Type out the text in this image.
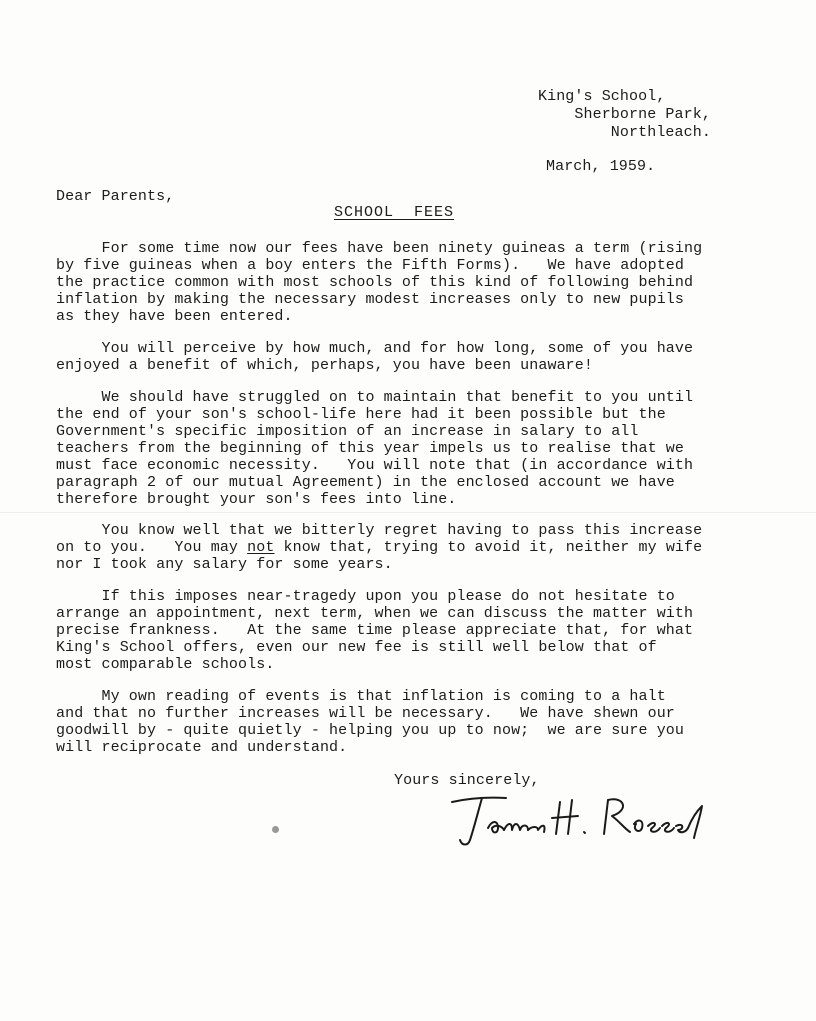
King's School,
Sherborne Park,
Northleach.
March, 1959.
Dear Parents,
SCHOOL  FEES
For some time now our fees have been ninety guineas a term (rising
by five guineas when a boy enters the Fifth Forms).   We have adopted
the practice common with most schools of this kind of following behind
inflation by making the necessary modest increases only to new pupils
as they have been entered.
You will perceive by how much, and for how long, some of you have
enjoyed a benefit of which, perhaps, you have been unaware!
We should have struggled on to maintain that benefit to you until
the end of your son's school-life here had it been possible but the
Government's specific imposition of an increase in salary to all
teachers from the beginning of this year impels us to realise that we
must face economic necessity.   You will note that (in accordance with
paragraph 2 of our mutual Agreement) in the enclosed account we have
therefore brought your son's fees into line.
You know well that we bitterly regret having to pass this increase
on to you.   You may not know that, trying to avoid it, neither my wife
nor I took any salary for some years.
If this imposes near-tragedy upon you please do not hesitate to
arrange an appointment, next term, when we can discuss the matter with
precise frankness.   At the same time please appreciate that, for what
King's School offers, even our new fee is still well below that of
most comparable schools.
My own reading of events is that inflation is coming to a halt
and that no further increases will be necessary.   We have shewn our
goodwill by - quite quietly - helping you up to now;  we are sure you
will reciprocate and understand.
Yours sincerely,
